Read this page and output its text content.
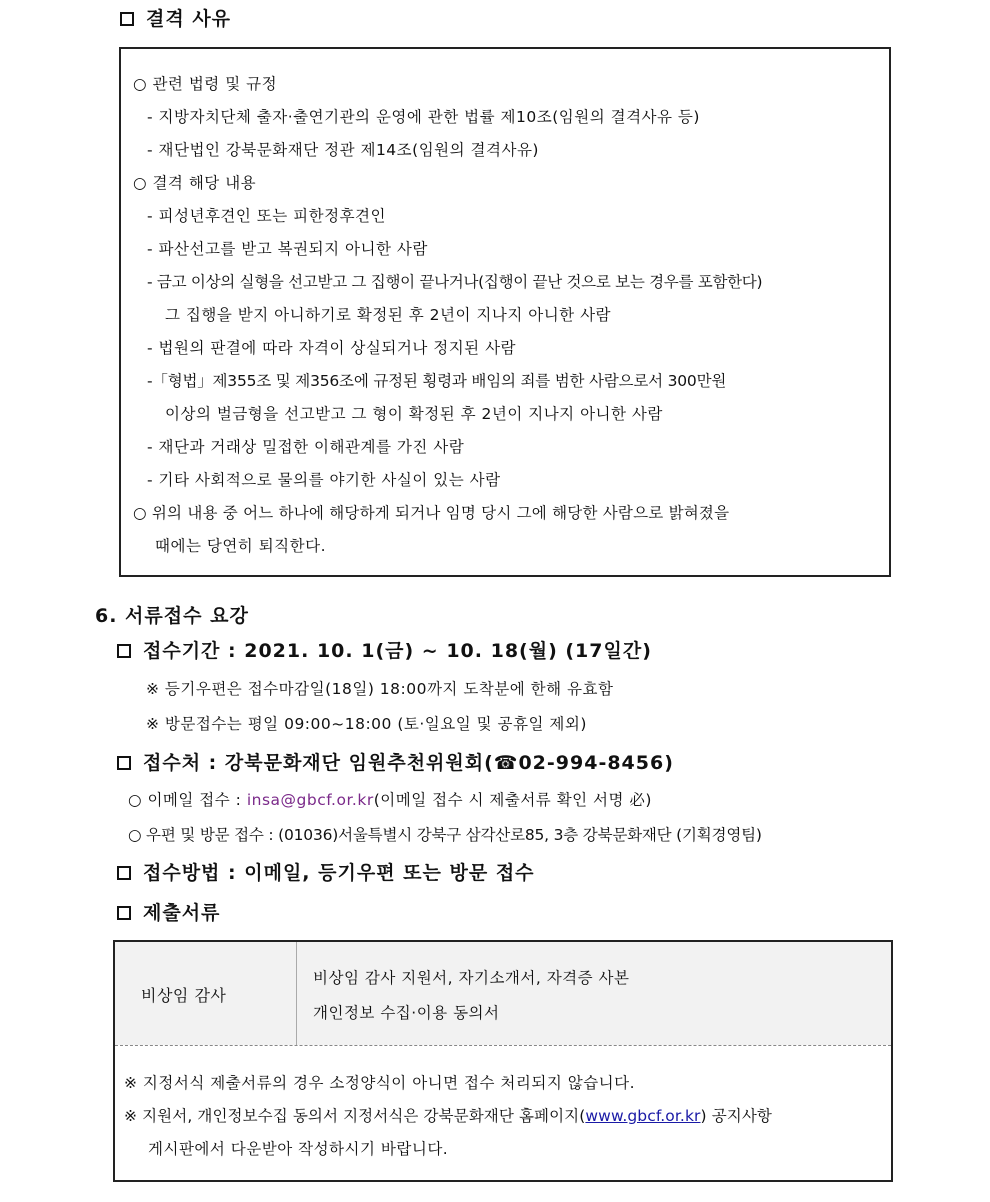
결격 사유
○ 관련 법령 및 규정
- 지방자치단체 출자·출연기관의 운영에 관한 법률 제10조(임원의 결격사유 등)
- 재단법인 강북문화재단 정관 제14조(임원의 결격사유)
○ 결격 해당 내용
- 피성년후견인 또는 피한정후견인
- 파산선고를 받고 복권되지 아니한 사람
- 금고 이상의 실형을 선고받고 그 집행이 끝나거나(집행이 끝난 것으로 보는 경우를 포함한다)
그 집행을 받지 아니하기로 확정된 후 2년이 지나지 아니한 사람
- 법원의 판결에 따라 자격이 상실되거나 정지된 사람
-「형법」제355조 및 제356조에 규정된 횡령과 배임의 죄를 범한 사람으로서 300만원
이상의 벌금형을 선고받고 그 형이 확정된 후 2년이 지나지 아니한 사람
- 재단과 거래상 밀접한 이해관계를 가진 사람
- 기타 사회적으로 물의를 야기한 사실이 있는 사람
○ 위의 내용 중 어느 하나에 해당하게 되거나 임명 당시 그에 해당한 사람으로 밝혀졌을
때에는 당연히 퇴직한다.
6. 서류접수 요강
접수기간 : 2021. 10. 1(금) ~ 10. 18(월) (17일간)
※ 등기우편은 접수마감일(18일) 18:00까지 도착분에 한해 유효함
※ 방문접수는 평일 09:00~18:00 (토·일요일 및 공휴일 제외)
접수처 : 강북문화재단 임원추천위원회(☎02-994-8456)
○ 이메일 접수 : insa@gbcf.or.kr(이메일 접수 시 제출서류 확인 서명 必)
○ 우편 및 방문 접수 : (01036)서울특별시 강북구 삼각산로85, 3층 강북문화재단 (기획경영팀)
접수방법 : 이메일, 등기우편 또는 방문 접수
제출서류
비상임 감사
비상임 감사 지원서, 자기소개서, 자격증 사본
개인정보 수집·이용 동의서
※ 지정서식 제출서류의 경우 소정양식이 아니면 접수 처리되지 않습니다.
※ 지원서, 개인정보수집 동의서 지정서식은 강북문화재단 홈페이지(www.gbcf.or.kr) 공지사항
게시판에서 다운받아 작성하시기 바랍니다.
